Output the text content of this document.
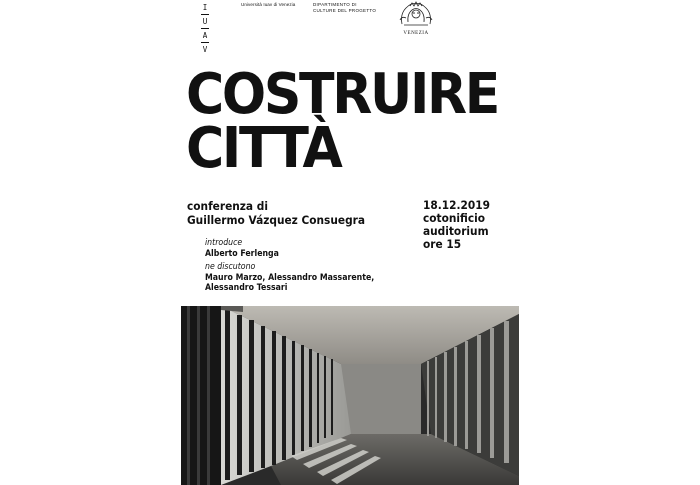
I
U
A
V
Università Iuav di Venezia	DIPARTIMENTO DI
CULTURE DEL PROGETTO
VENEZIA
COSTRUIRE
CITTÀ
conferenza di
Guillermo Vázquez Consuegra
18.12.2019
cotonificio
auditorium
ore 15
introduce
Alberto Ferlenga
ne discutono
Mauro Marzo, Alessandro Massarente,
Alessandro Tessari
